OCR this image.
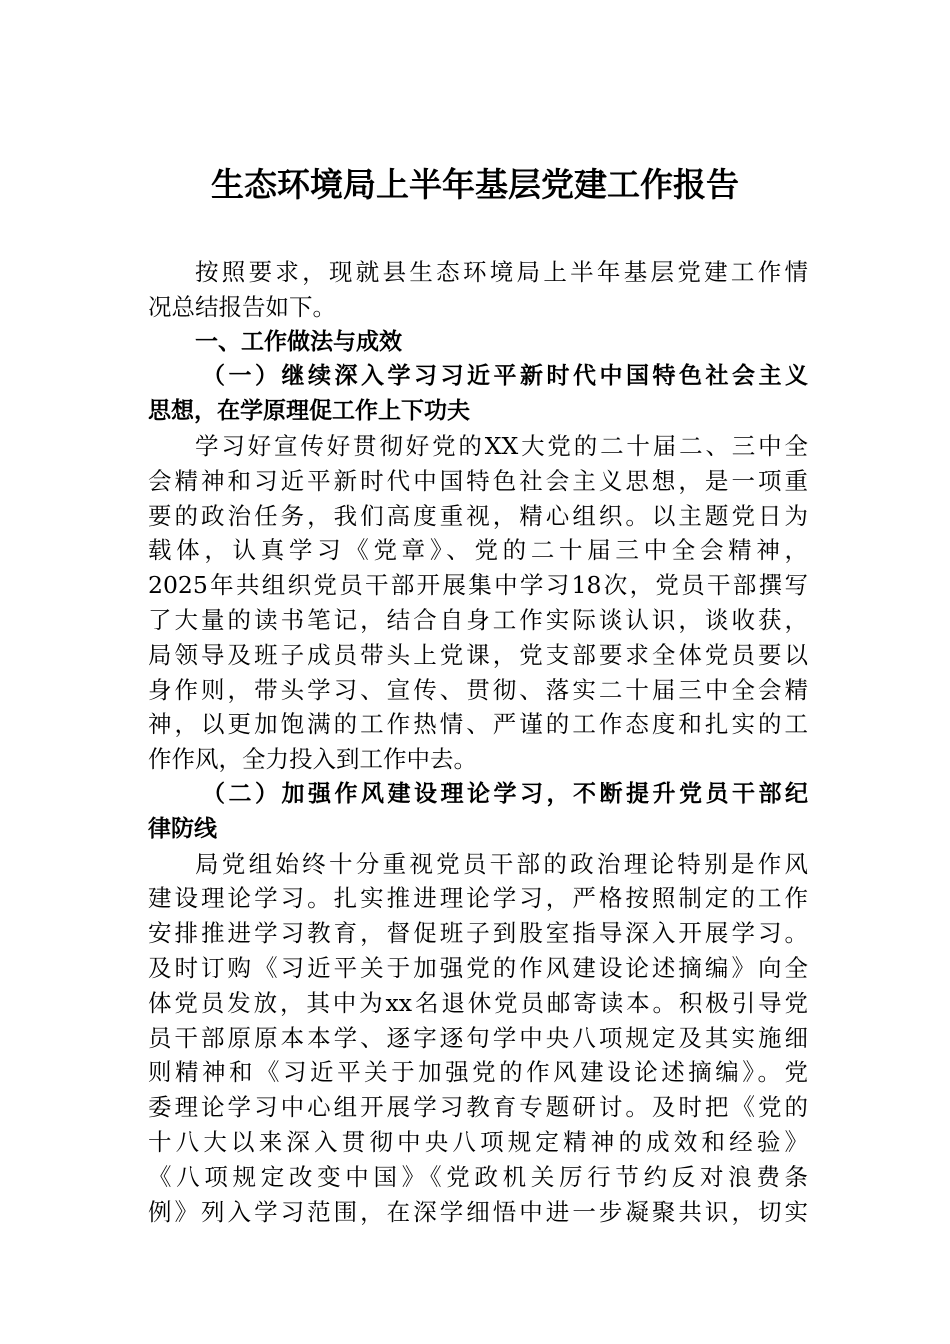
生态环境局上半年基层党建工作报告
按照要求，现就县生态环境局上半年基层党建工作情
况总结报告如下。
一、工作做法与成效
（一）继续深入学习习近平新时代中国特色社会主义
思想，在学原理促工作上下功夫
学习好宣传好贯彻好党的XX大党的二十届二、三中全
会精神和习近平新时代中国特色社会主义思想，是一项重
要的政治任务，我们高度重视，精心组织。以主题党日为
载体，认真学习《党章》、党的二十届三中全会精神，
2025年共组织党员干部开展集中学习18次，党员干部撰写
了大量的读书笔记，结合自身工作实际谈认识，谈收获，
局领导及班子成员带头上党课，党支部要求全体党员要以
身作则，带头学习、宣传、贯彻、落实二十届三中全会精
神，以更加饱满的工作热情、严谨的工作态度和扎实的工
作作风，全力投入到工作中去。
（二）加强作风建设理论学习，不断提升党员干部纪
律防线
局党组始终十分重视党员干部的政治理论特别是作风
建设理论学习。扎实推进理论学习，严格按照制定的工作
安排推进学习教育，督促班子到股室指导深入开展学习。
及时订购《习近平关于加强党的作风建设论述摘编》向全
体党员发放，其中为xx名退休党员邮寄读本。积极引导党
员干部原原本本学、逐字逐句学中央八项规定及其实施细
则精神和《习近平关于加强党的作风建设论述摘编》。党
委理论学习中心组开展学习教育专题研讨。及时把《党的
十八大以来深入贯彻中央八项规定精神的成效和经验》
《八项规定改变中国》《党政机关厉行节约反对浪费条
例》列入学习范围，在深学细悟中进一步凝聚共识，切实
